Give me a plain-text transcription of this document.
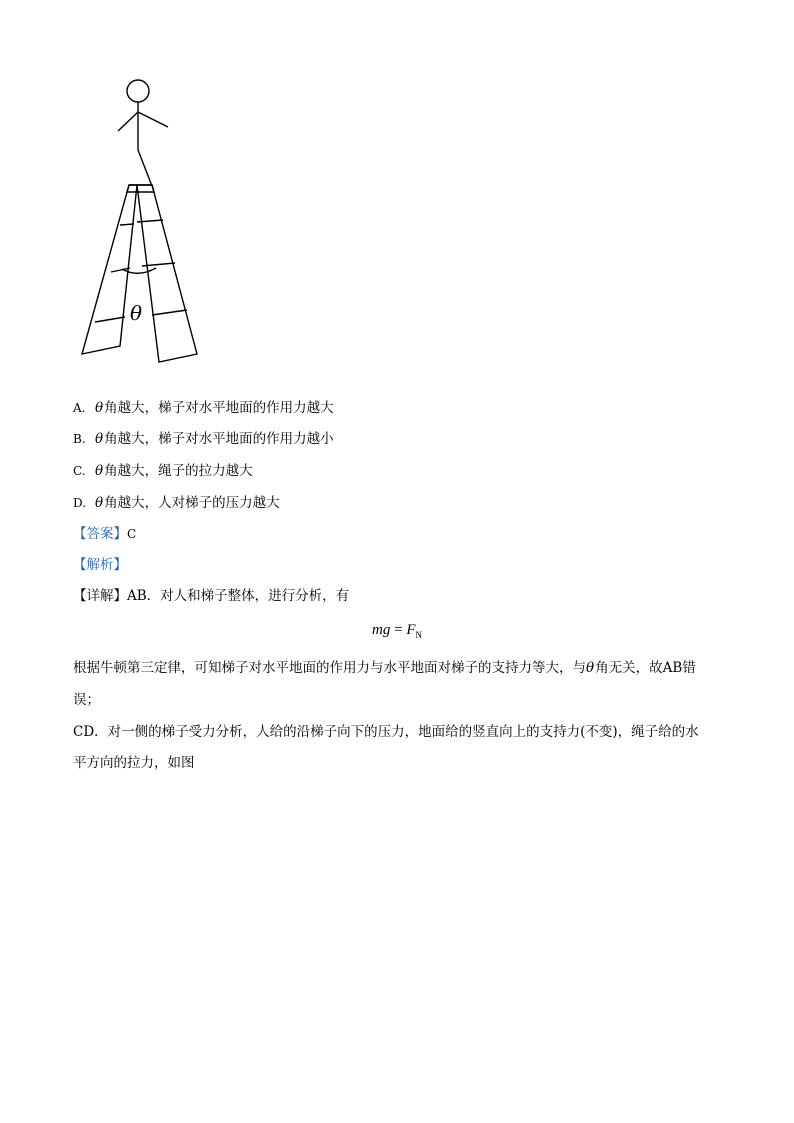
θ
A. θ角越大，梯子对水平地面的作用力越大
B. θ角越大，梯子对水平地面的作用力越小
C. θ角越大，绳子的拉力越大
D. θ角越大，人对梯子的压力越大
【答案】C
【解析】
【详解】AB．对人和梯子整体，进行分析，有
mg = $F_N$
根据牛顿第三定律，可知梯子对水平地面的作用力与水平地面对梯子的支持力等大，与θ角无关，故AB错
误；
CD．对一侧的梯子受力分析，人给的沿梯子向下的压力，地面给的竖直向上的支持力(不变)，绳子给的水
平方向的拉力，如图
